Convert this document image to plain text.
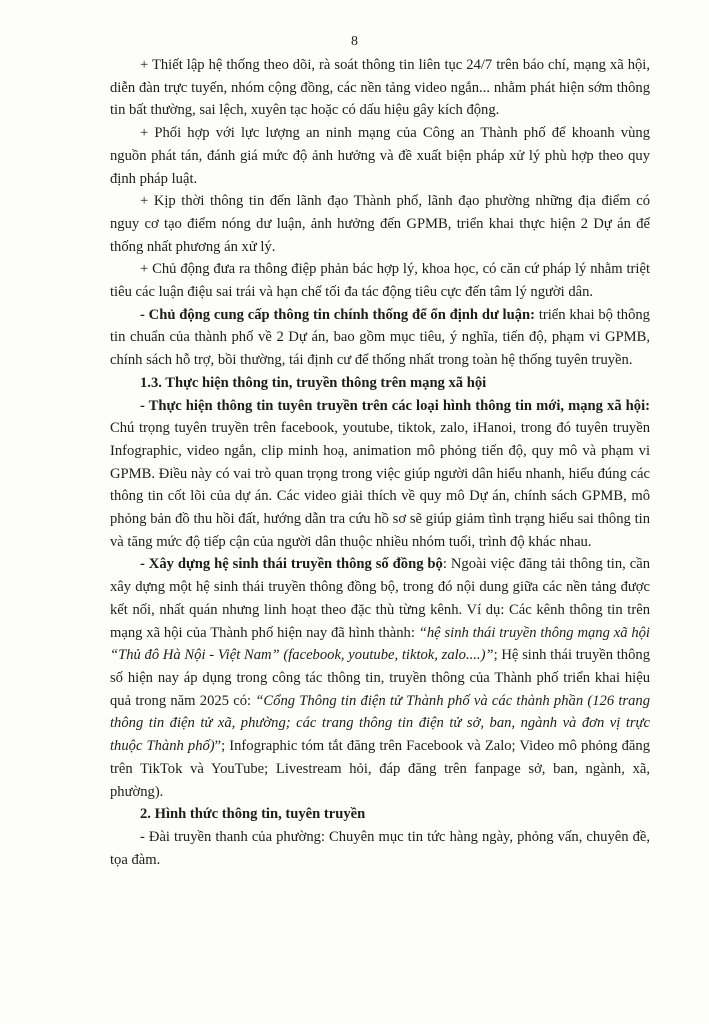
8

+ Thiết lập hệ thống theo dõi, rà soát thông tin liên tục 24/7 trên báo chí, mạng xã hội, diễn đàn trực tuyến, nhóm cộng đồng, các nền tảng video ngắn... nhằm phát hiện sớm thông tin bất thường, sai lệch, xuyên tạc hoặc có dấu hiệu gây kích động.

+ Phối hợp với lực lượng an ninh mạng của Công an Thành phố để khoanh vùng nguồn phát tán, đánh giá mức độ ảnh hưởng và đề xuất biện pháp xử lý phù hợp theo quy định pháp luật.

+ Kịp thời thông tin đến lãnh đạo Thành phố, lãnh đạo phường những địa điểm có nguy cơ tạo điểm nóng dư luận, ảnh hưởng đến GPMB, triển khai thực hiện 2 Dự án để thống nhất phương án xử lý.

+ Chủ động đưa ra thông điệp phản bác hợp lý, khoa học, có căn cứ pháp lý nhằm triệt tiêu các luận điệu sai trái và hạn chế tối đa tác động tiêu cực đến tâm lý người dân.

- Chủ động cung cấp thông tin chính thống để ổn định dư luận: triển khai bộ thông tin chuẩn của thành phố về 2 Dự án, bao gồm mục tiêu, ý nghĩa, tiến độ, phạm vi GPMB, chính sách hỗ trợ, bồi thường, tái định cư để thống nhất trong toàn hệ thống tuyên truyền.

1.3. Thực hiện thông tin, truyền thông trên mạng xã hội

- Thực hiện thông tin tuyên truyền trên các loại hình thông tin mới, mạng xã hội: Chú trọng tuyên truyền trên facebook, youtube, tiktok, zalo, iHanoi, trong đó tuyên truyền Infographic, video ngắn, clip minh hoạ, animation mô phỏng tiến độ, quy mô và phạm vi GPMB. Điều này có vai trò quan trọng trong việc giúp người dân hiểu nhanh, hiểu đúng các thông tin cốt lõi của dự án. Các video giải thích về quy mô Dự án, chính sách GPMB, mô phỏng bản đồ thu hồi đất, hướng dẫn tra cứu hồ sơ sẽ giúp giảm tình trạng hiểu sai thông tin và tăng mức độ tiếp cận của người dân thuộc nhiều nhóm tuổi, trình độ khác nhau.

- Xây dựng hệ sinh thái truyền thông số đồng bộ: Ngoài việc đăng tải thông tin, cần xây dựng một hệ sinh thái truyền thông đồng bộ, trong đó nội dung giữa các nền tảng được kết nối, nhất quán nhưng linh hoạt theo đặc thù từng kênh. Ví dụ: Các kênh thông tin trên mạng xã hội của Thành phố hiện nay đã hình thành: “hệ sinh thái truyền thông mạng xã hội “Thủ đô Hà Nội - Việt Nam” (facebook, youtube, tiktok, zalo....)”; Hệ sinh thái truyền thông số hiện nay áp dụng trong công tác thông tin, truyền thông của Thành phố triển khai hiệu quả trong năm 2025 có: “Cổng Thông tin điện tử Thành phố và các thành phần (126 trang thông tin điện tử xã, phường; các trang thông tin điện tử sở, ban, ngành và đơn vị trực thuộc Thành phố)”; Infographic tóm tắt đăng trên Facebook và Zalo; Video mô phỏng đăng trên TikTok và YouTube; Livestream hỏi, đáp đăng trên fanpage sở, ban, ngành, xã, phường).

2. Hình thức thông tin, tuyên truyền

- Đài truyền thanh của phường: Chuyên mục tin tức hàng ngày, phỏng vấn, chuyên đề, tọa đàm.
